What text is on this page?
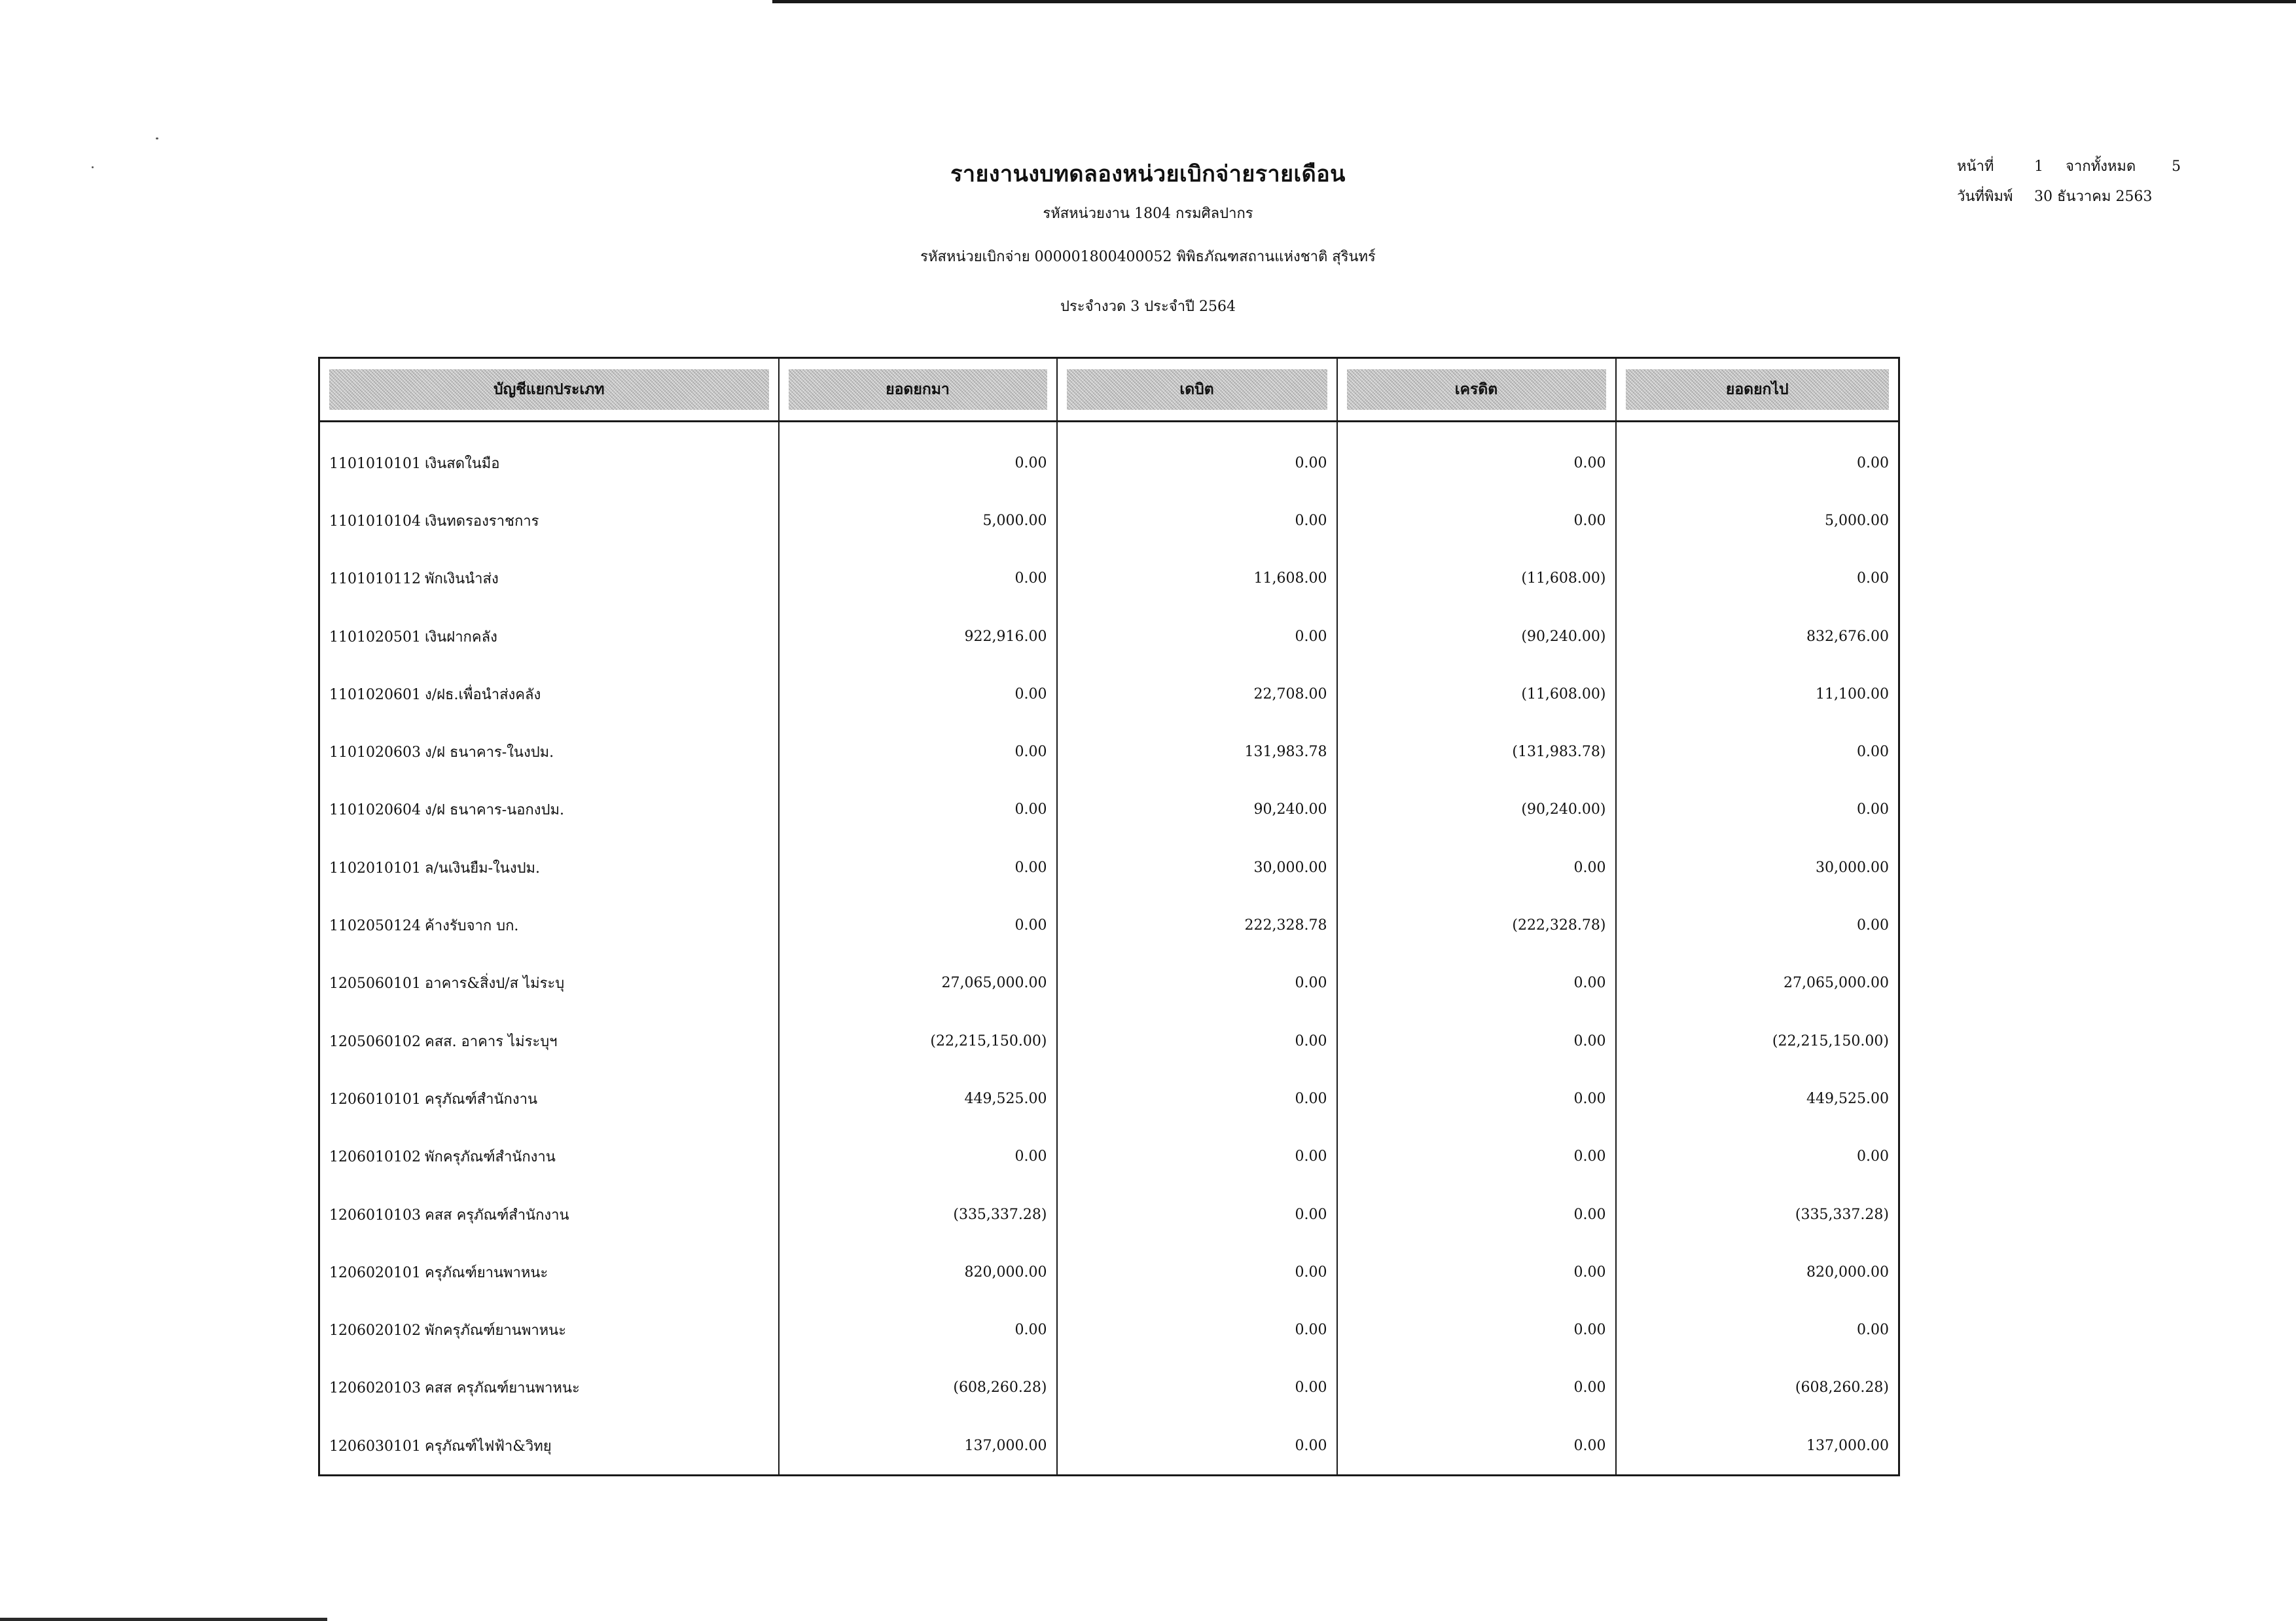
รายงานงบทดลองหน่วยเบิกจ่ายรายเดือน
รหัสหน่วยงาน 1804 กรมศิลปากร
รหัสหน่วยเบิกจ่าย 000001800400052 พิพิธภัณฑสถานแห่งชาติ สุรินทร์
ประจำงวด 3 ประจำปี 2564
หน้าที่	1 จากทั้งหมด 5
วันที่พิมพ์ 30 ธันวาคม 2563
บัญชีแยกประเภท	ยอดยกมา	เดบิต	เครดิต	ยอดยกไป

1101010101 เงินสดในมือ	0.00	0.00	0.00	0.00
1101010104 เงินทดรองราชการ	5,000.00	0.00	0.00	5,000.00
1101010112 พักเงินนำส่ง	0.00	11,608.00	(11,608.00)	0.00
1101020501 เงินฝากคลัง	922,916.00	0.00	(90,240.00)	832,676.00
1101020601 ง/ฝธ.เพื่อนำส่งคลัง	0.00	22,708.00	(11,608.00)	11,100.00
1101020603 ง/ฝ ธนาคาร-ในงปม.	0.00	131,983.78	(131,983.78)	0.00
1101020604 ง/ฝ ธนาคาร-นอกงปม.	0.00	90,240.00	(90,240.00)	0.00
1102010101 ล/นเงินยืม-ในงปม.	0.00	30,000.00	0.00	30,000.00
1102050124 ค้างรับจาก บก.	0.00	222,328.78	(222,328.78)	0.00
1205060101 อาคาร&สิ่งป/ส ไม่ระบุ	27,065,000.00	0.00	0.00	27,065,000.00
1205060102 คสส. อาคาร ไม่ระบุฯ	(22,215,150.00)	0.00	0.00	(22,215,150.00)
1206010101 ครุภัณฑ์สำนักงาน	449,525.00	0.00	0.00	449,525.00
1206010102 พักครุภัณฑ์สำนักงาน	0.00	0.00	0.00	0.00
1206010103 คสส ครุภัณฑ์สำนักงาน	(335,337.28)	0.00	0.00	(335,337.28)
1206020101 ครุภัณฑ์ยานพาหนะ	820,000.00	0.00	0.00	820,000.00
1206020102 พักครุภัณฑ์ยานพาหนะ	0.00	0.00	0.00	0.00
1206020103 คสส ครุภัณฑ์ยานพาหนะ	(608,260.28)	0.00	0.00	(608,260.28)
1206030101 ครุภัณฑ์ไฟฟ้า&วิทยุ	137,000.00	0.00	0.00	137,000.00
